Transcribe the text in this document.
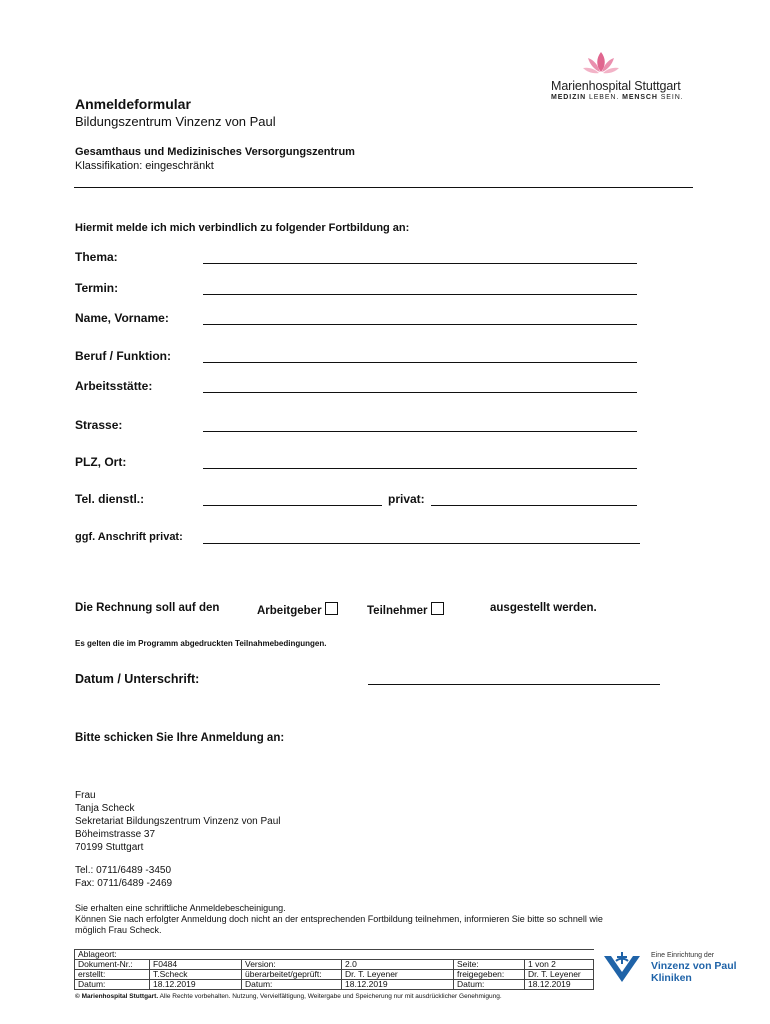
Marienhospital Stuttgart
MEDIZIN LEBEN. MENSCH SEIN.
Anmeldeformular
Bildungszentrum Vinzenz von Paul
Gesamthaus und Medizinisches Versorgungszentrum
Klassifikation: eingeschränkt
Hiermit melde ich mich verbindlich zu folgender Fortbildung an:
Thema:
Termin:
Name, Vorname:
Beruf / Funktion:
Arbeitsstätte:
Strasse:
PLZ, Ort:
Tel. dienstl.:	privat:
ggf. Anschrift privat:
Die Rechnung soll auf den	Arbeitgeber	Teilnehmer	ausgestellt werden.
Es gelten die im Programm abgedruckten Teilnahmebedingungen.
Datum / Unterschrift:
Bitte schicken Sie Ihre Anmeldung an:
Frau
Tanja Scheck
Sekretariat Bildungszentrum Vinzenz von Paul
Böheimstrasse 37
70199 Stuttgart
Tel.: 0711/6489 -3450
Fax: 0711/6489 -2469
Sie erhalten eine schriftliche Anmeldebescheinigung.
Können Sie nach erfolgter Anmeldung doch nicht an der entsprechenden Fortbildung teilnehmen, informieren Sie bitte so schnell wie
möglich Frau Scheck.
Ablageort:					
Dokument-Nr.:	F0484	Version:	2.0	Seite:	1 von 2
erstellt:	T.Scheck	überarbeitet/geprüft:	Dr. T. Leyener	freigegeben:	Dr. T. Leyener
Datum:	18.12.2019	Datum:	18.12.2019	Datum:	18.12.2019
© Marienhospital Stuttgart. Alle Rechte vorbehalten. Nutzung, Vervielfältigung, Weitergabe und Speicherung nur mit ausdrücklicher Genehmigung.
Eine Einrichtung der
Vinzenz von Paul
Kliniken
